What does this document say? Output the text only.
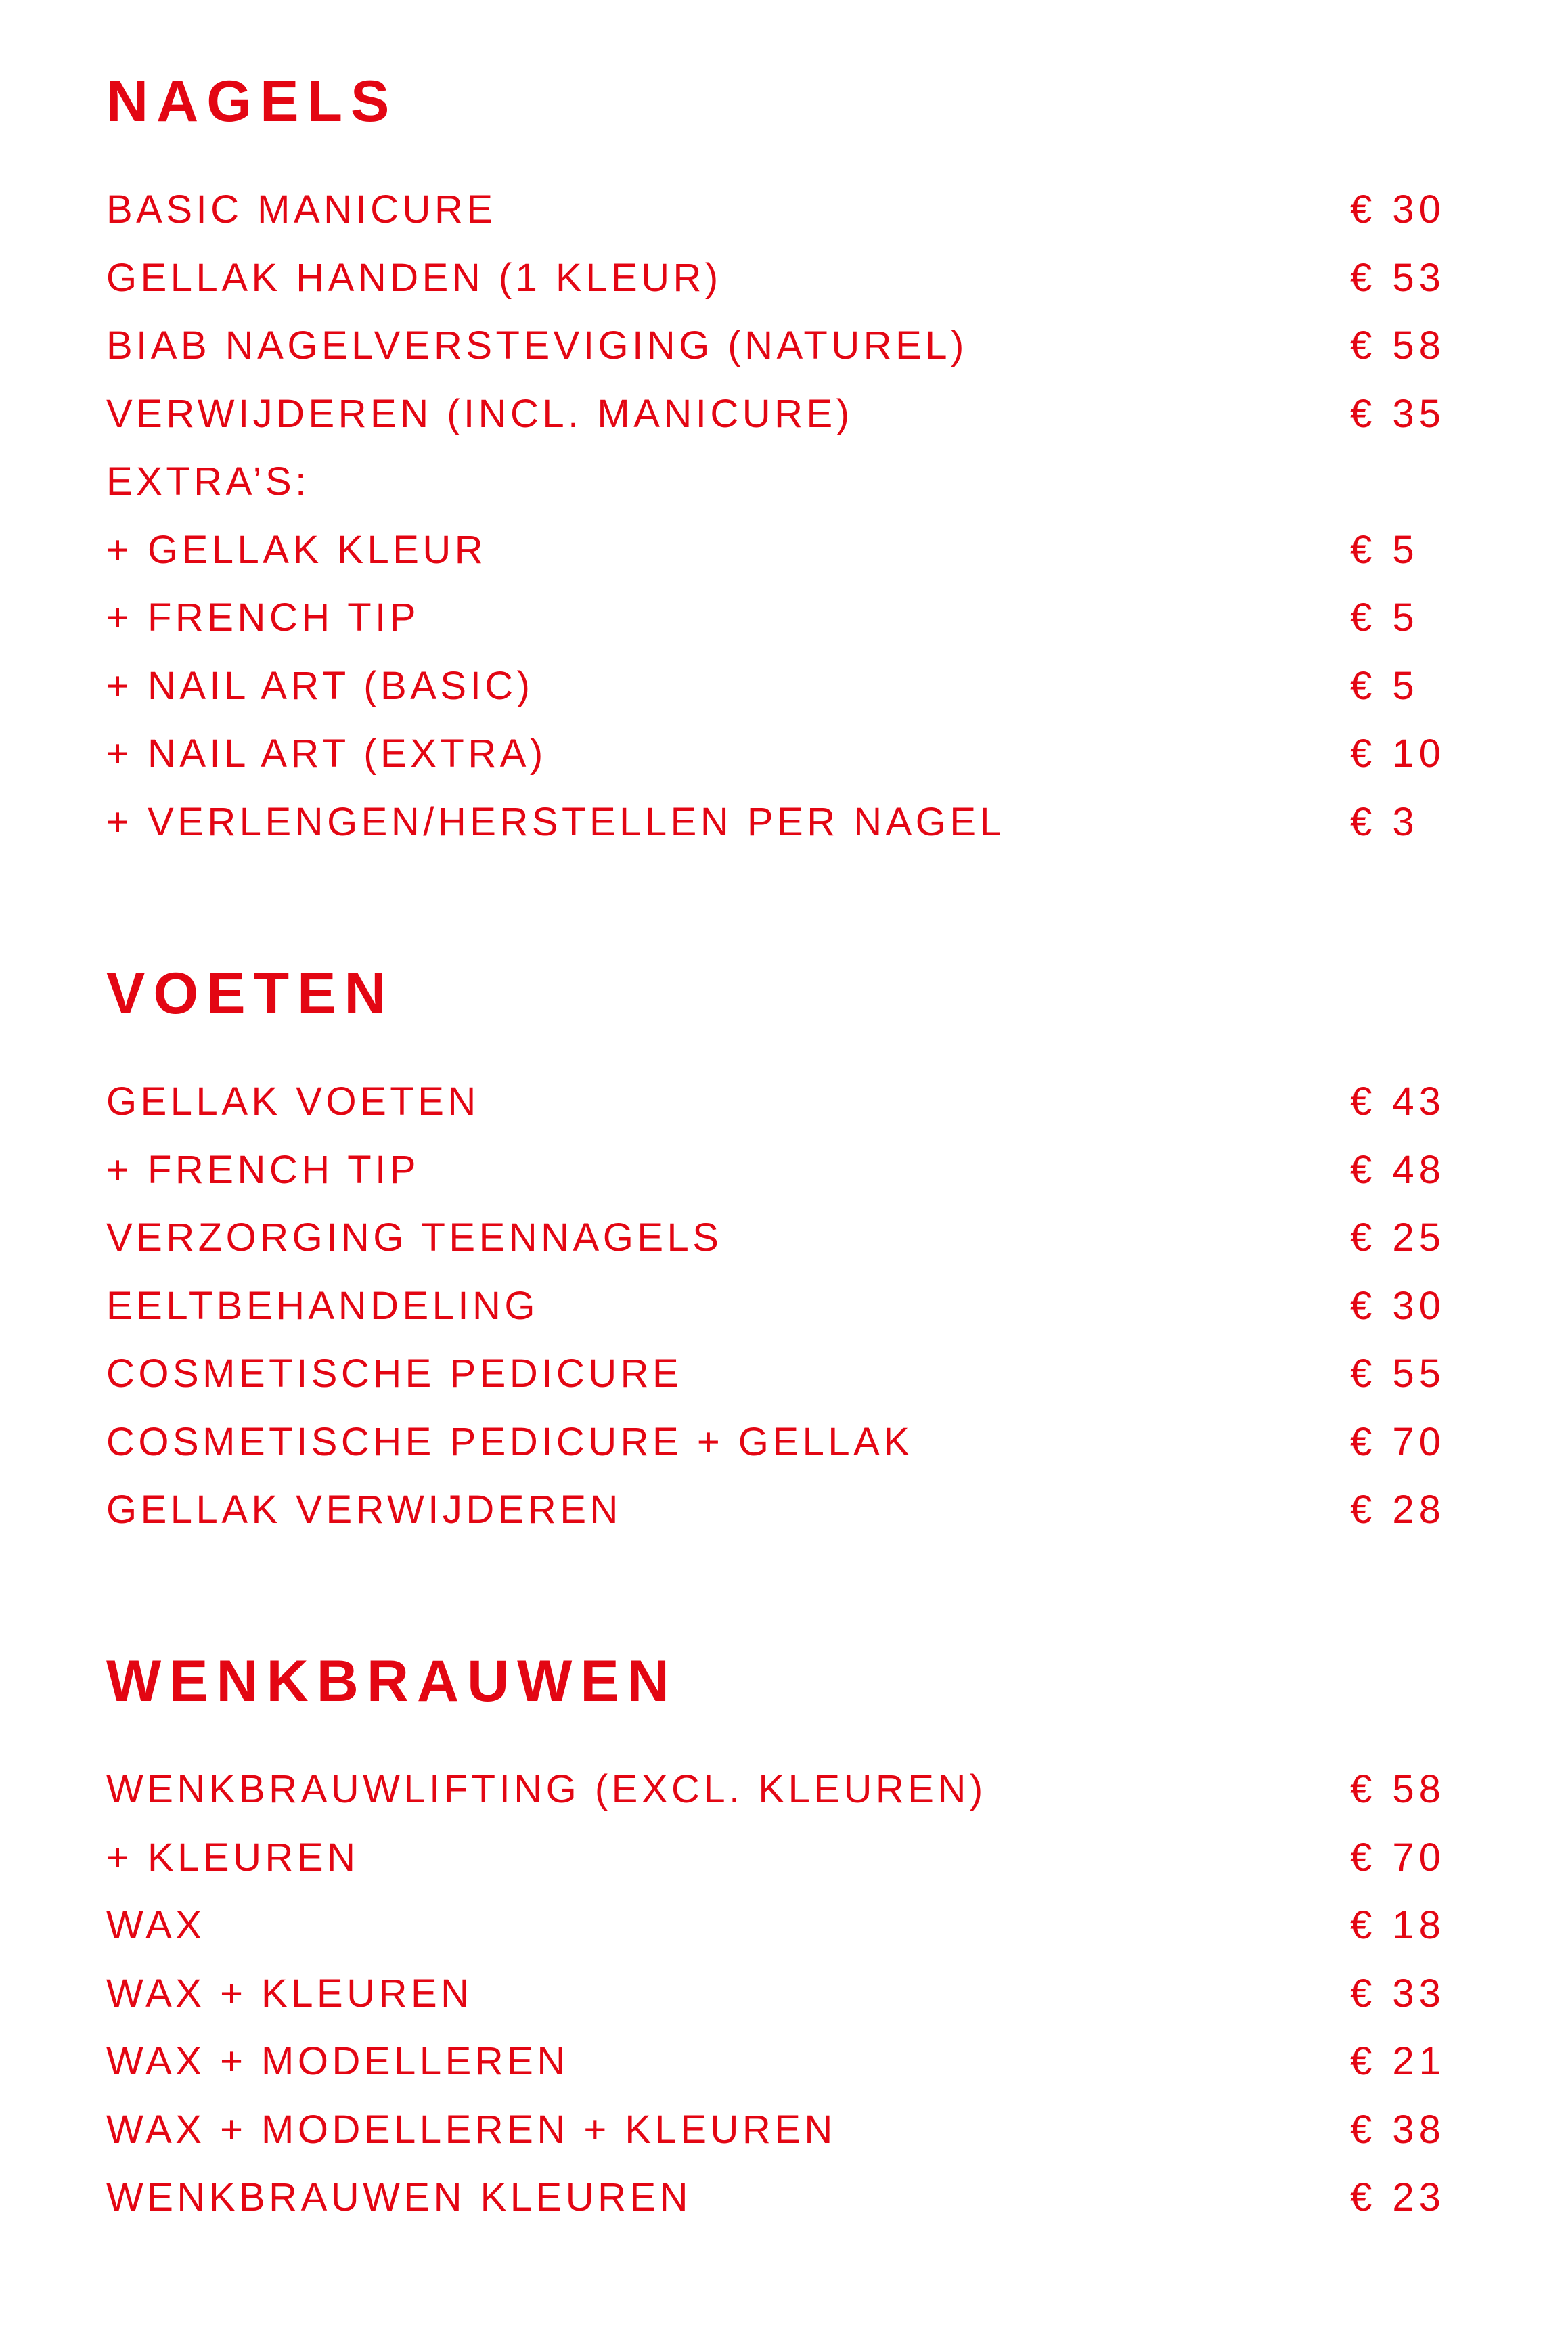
NAGELS
BASIC MANICURE	€ 30
GELLAK HANDEN (1 KLEUR)	€ 53
BIAB NAGELVERSTEVIGING (NATUREL)	€ 58
VERWIJDEREN (INCL. MANICURE)	€ 35
EXTRA’S:
+ GELLAK KLEUR	€ 5
+ FRENCH TIP	€ 5
+ NAIL ART (BASIC)	€ 5
+ NAIL ART (EXTRA)	€ 10
+ VERLENGEN/HERSTELLEN PER NAGEL	€ 3
VOETEN
GELLAK VOETEN	€ 43
+ FRENCH TIP	€ 48
VERZORGING TEENNAGELS	€ 25
EELTBEHANDELING	€ 30
COSMETISCHE PEDICURE	€ 55
COSMETISCHE PEDICURE + GELLAK	€ 70
GELLAK VERWIJDEREN	€ 28
WENKBRAUWEN
WENKBRAUWLIFTING (EXCL. KLEUREN)	€ 58
+ KLEUREN	€ 70
WAX	€ 18
WAX + KLEUREN	€ 33
WAX + MODELLEREN	€ 21
WAX + MODELLEREN + KLEUREN	€ 38
WENKBRAUWEN KLEUREN	€ 23
